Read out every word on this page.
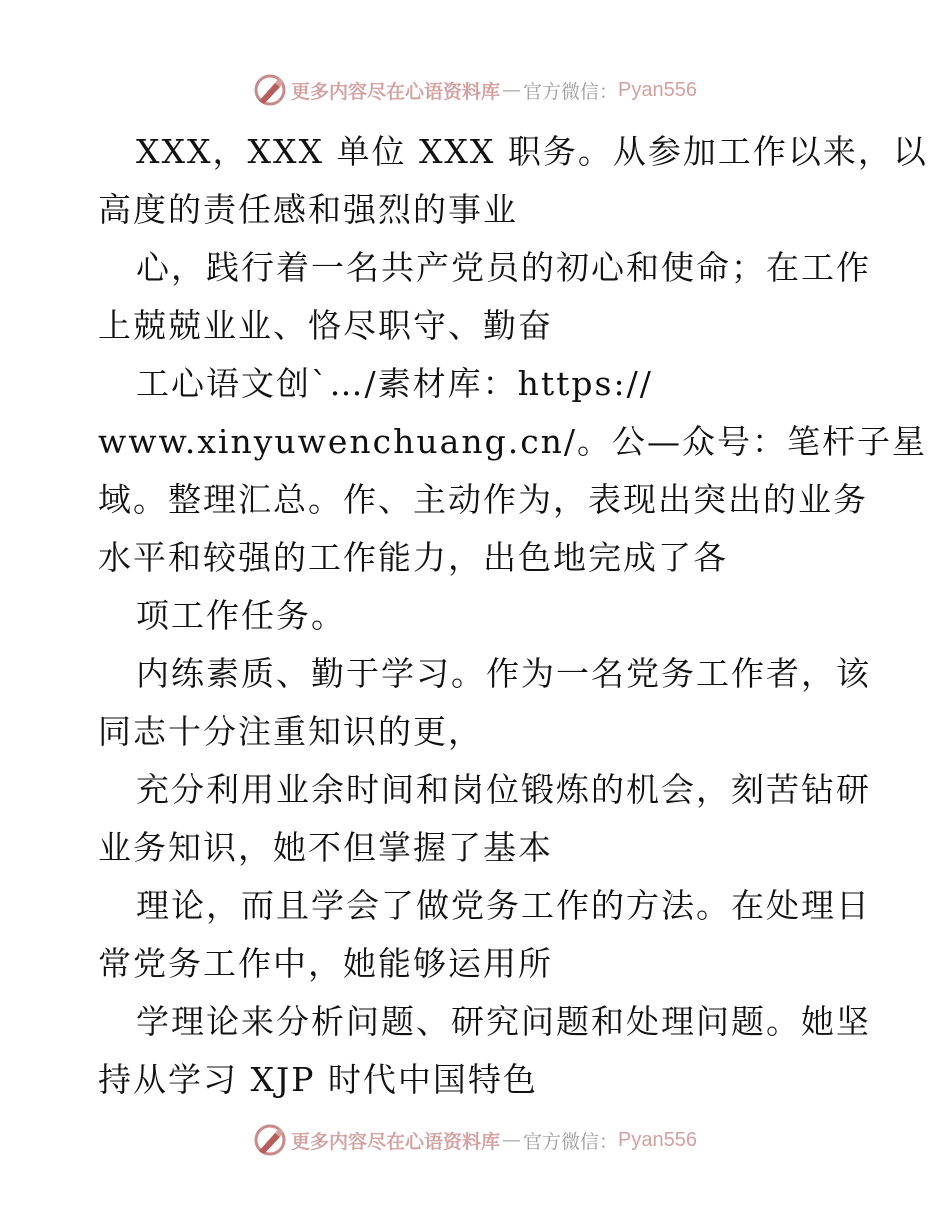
更多内容尽在心语资料库 — 官方微信： Pyan556
XXX，XXX 单位 XXX 职务。从参加工作以来，以
高度的责任感和强烈的事业
心，践行着一名共产党员的初心和使命；在工作
上兢兢业业、恪尽职守、勤奋
工心语文创`…/素材库：https://
www.xinyuwenchuang.cn/。公—众号：笔杆子星
域。整理汇总。作、主动作为，表现出突出的业务
水平和较强的工作能力，出色地完成了各
项工作任务。
内练素质、勤于学习。作为一名党务工作者，该
同志十分注重知识的更，
充分利用业余时间和岗位锻炼的机会，刻苦钻研
业务知识，她不但掌握了基本
理论，而且学会了做党务工作的方法。在处理日
常党务工作中，她能够运用所
学理论来分析问题、研究问题和处理问题。她坚
持从学习 XJP 时代中国特色
更多内容尽在心语资料库 — 官方微信： Pyan556
